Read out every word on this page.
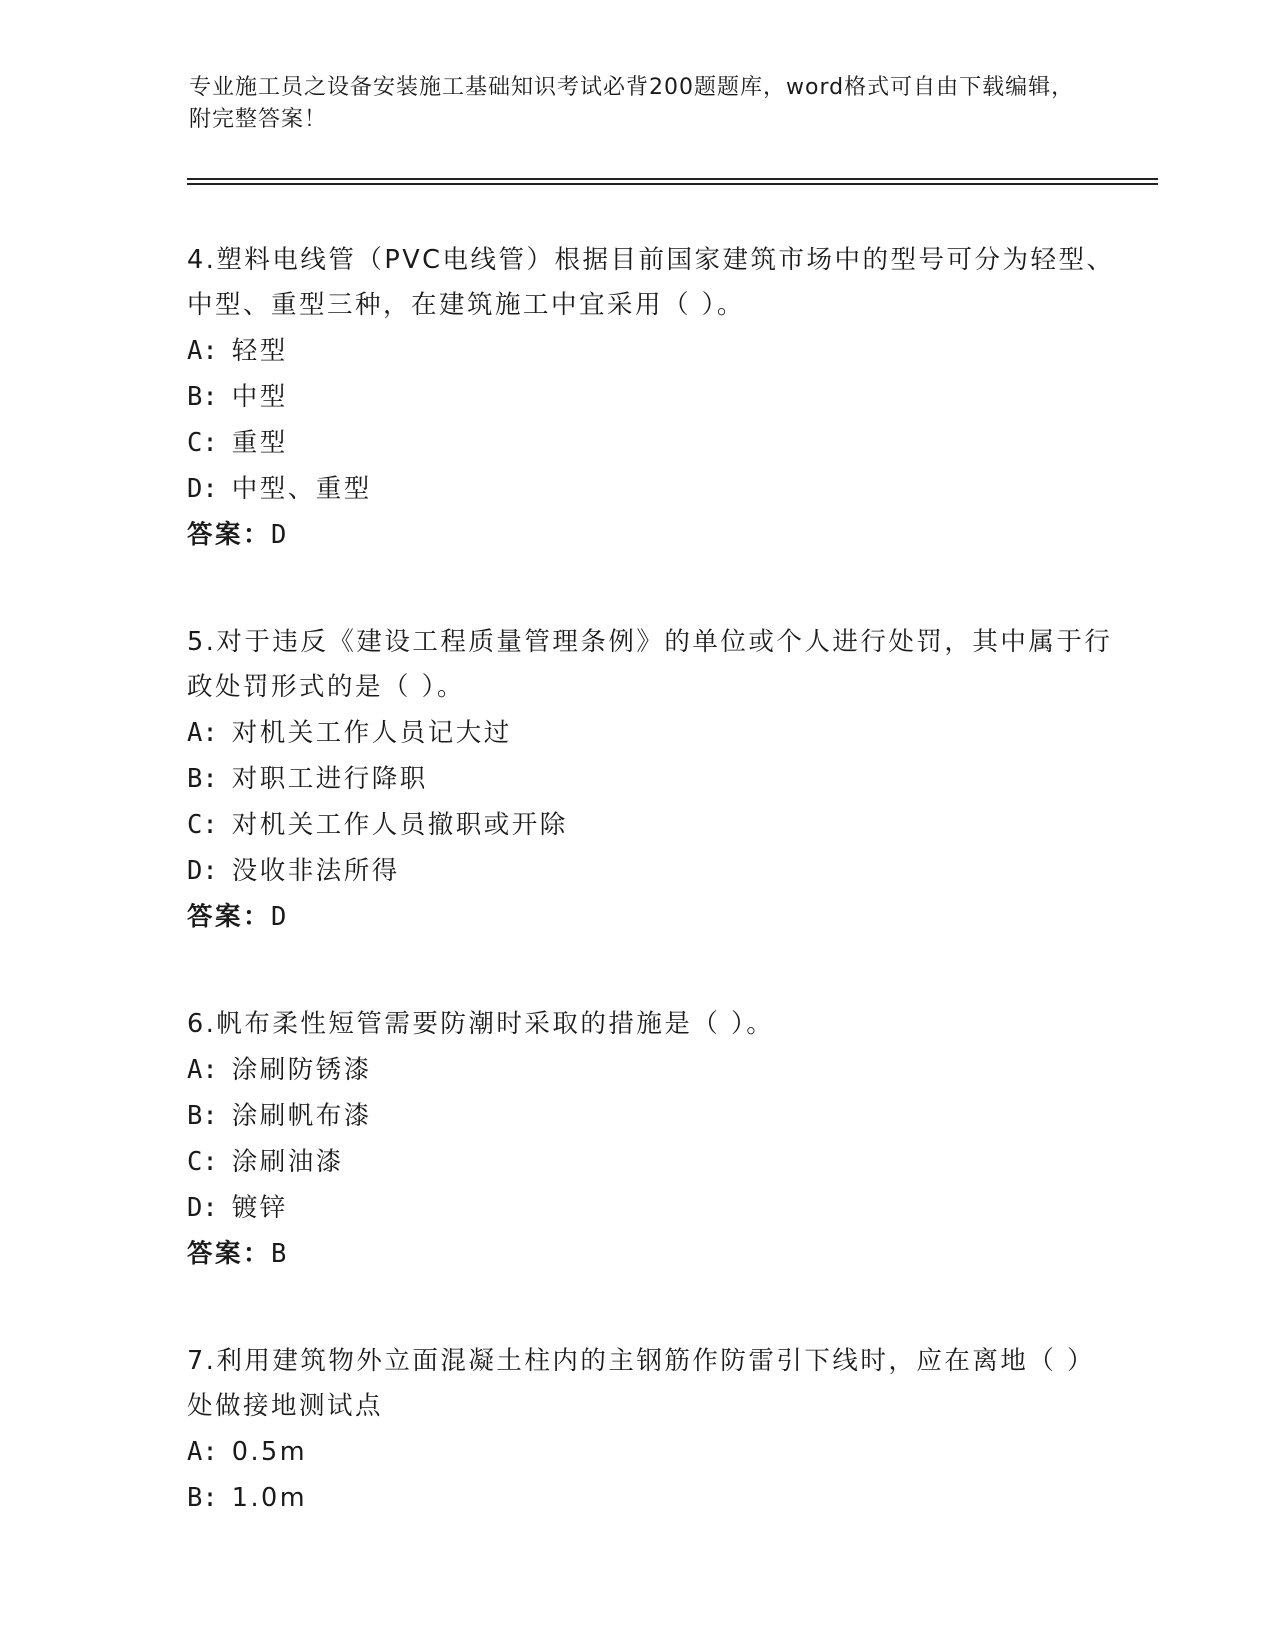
专业施工员之设备安装施工基础知识考试必背200题题库，word格式可自由下载编辑，附完整答案！

4.塑料电线管（PVC电线管）根据目前国家建筑市场中的型号可分为轻型、中型、重型三种，在建筑施工中宜采用（ ）。

A: 轻型

B: 中型

C: 重型

D: 中型、重型

答案：D

5.对于违反《建设工程质量管理条例》的单位或个人进行处罚，其中属于行政处罚形式的是（ ）。

A: 对机关工作人员记大过

B: 对职工进行降职

C: 对机关工作人员撤职或开除

D: 没收非法所得

答案：D

6.帆布柔性短管需要防潮时采取的措施是（ ）。

A: 涂刷防锈漆

B: 涂刷帆布漆

C: 涂刷油漆

D: 镀锌

答案：B

7.利用建筑物外立面混凝土柱内的主钢筋作防雷引下线时，应在离地（ ）处做接地测试点

A: 0.5m

B: 1.0m
